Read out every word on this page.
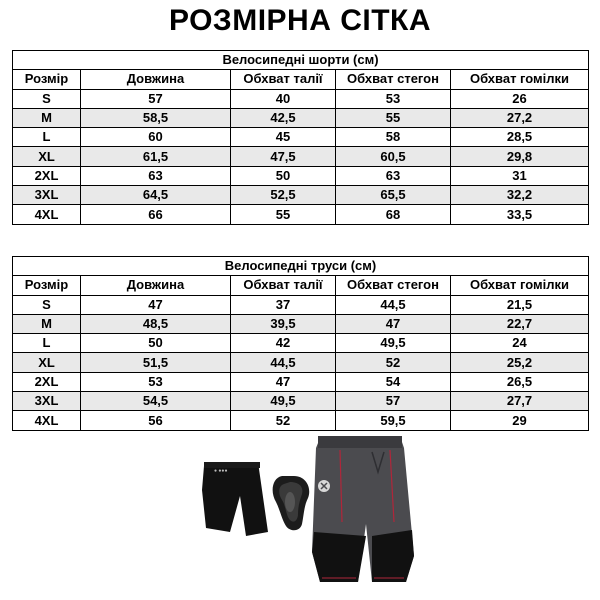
РОЗМІРНА СІТКА
Велосипедні шорти (см)				
Розмір	Довжина	Обхват талії	Обхват стегон	Обхват гомілки
S	57	40	53	26
M	58,5	42,5	55	27,2
L	60	45	58	28,5
XL	61,5	47,5	60,5	29,8
2XL	63	50	63	31
3XL	64,5	52,5	65,5	32,2
4XL	66	55	68	33,5
Велосипедні труси (см)				
Розмір	Довжина	Обхват талії	Обхват стегон	Обхват гомілки
S	47	37	44,5	21,5
M	48,5	39,5	47	22,7
L	50	42	49,5	24
XL	51,5	44,5	52	25,2
2XL	53	47	54	26,5
3XL	54,5	49,5	57	27,7
4XL	56	52	59,5	29
● ●●●
